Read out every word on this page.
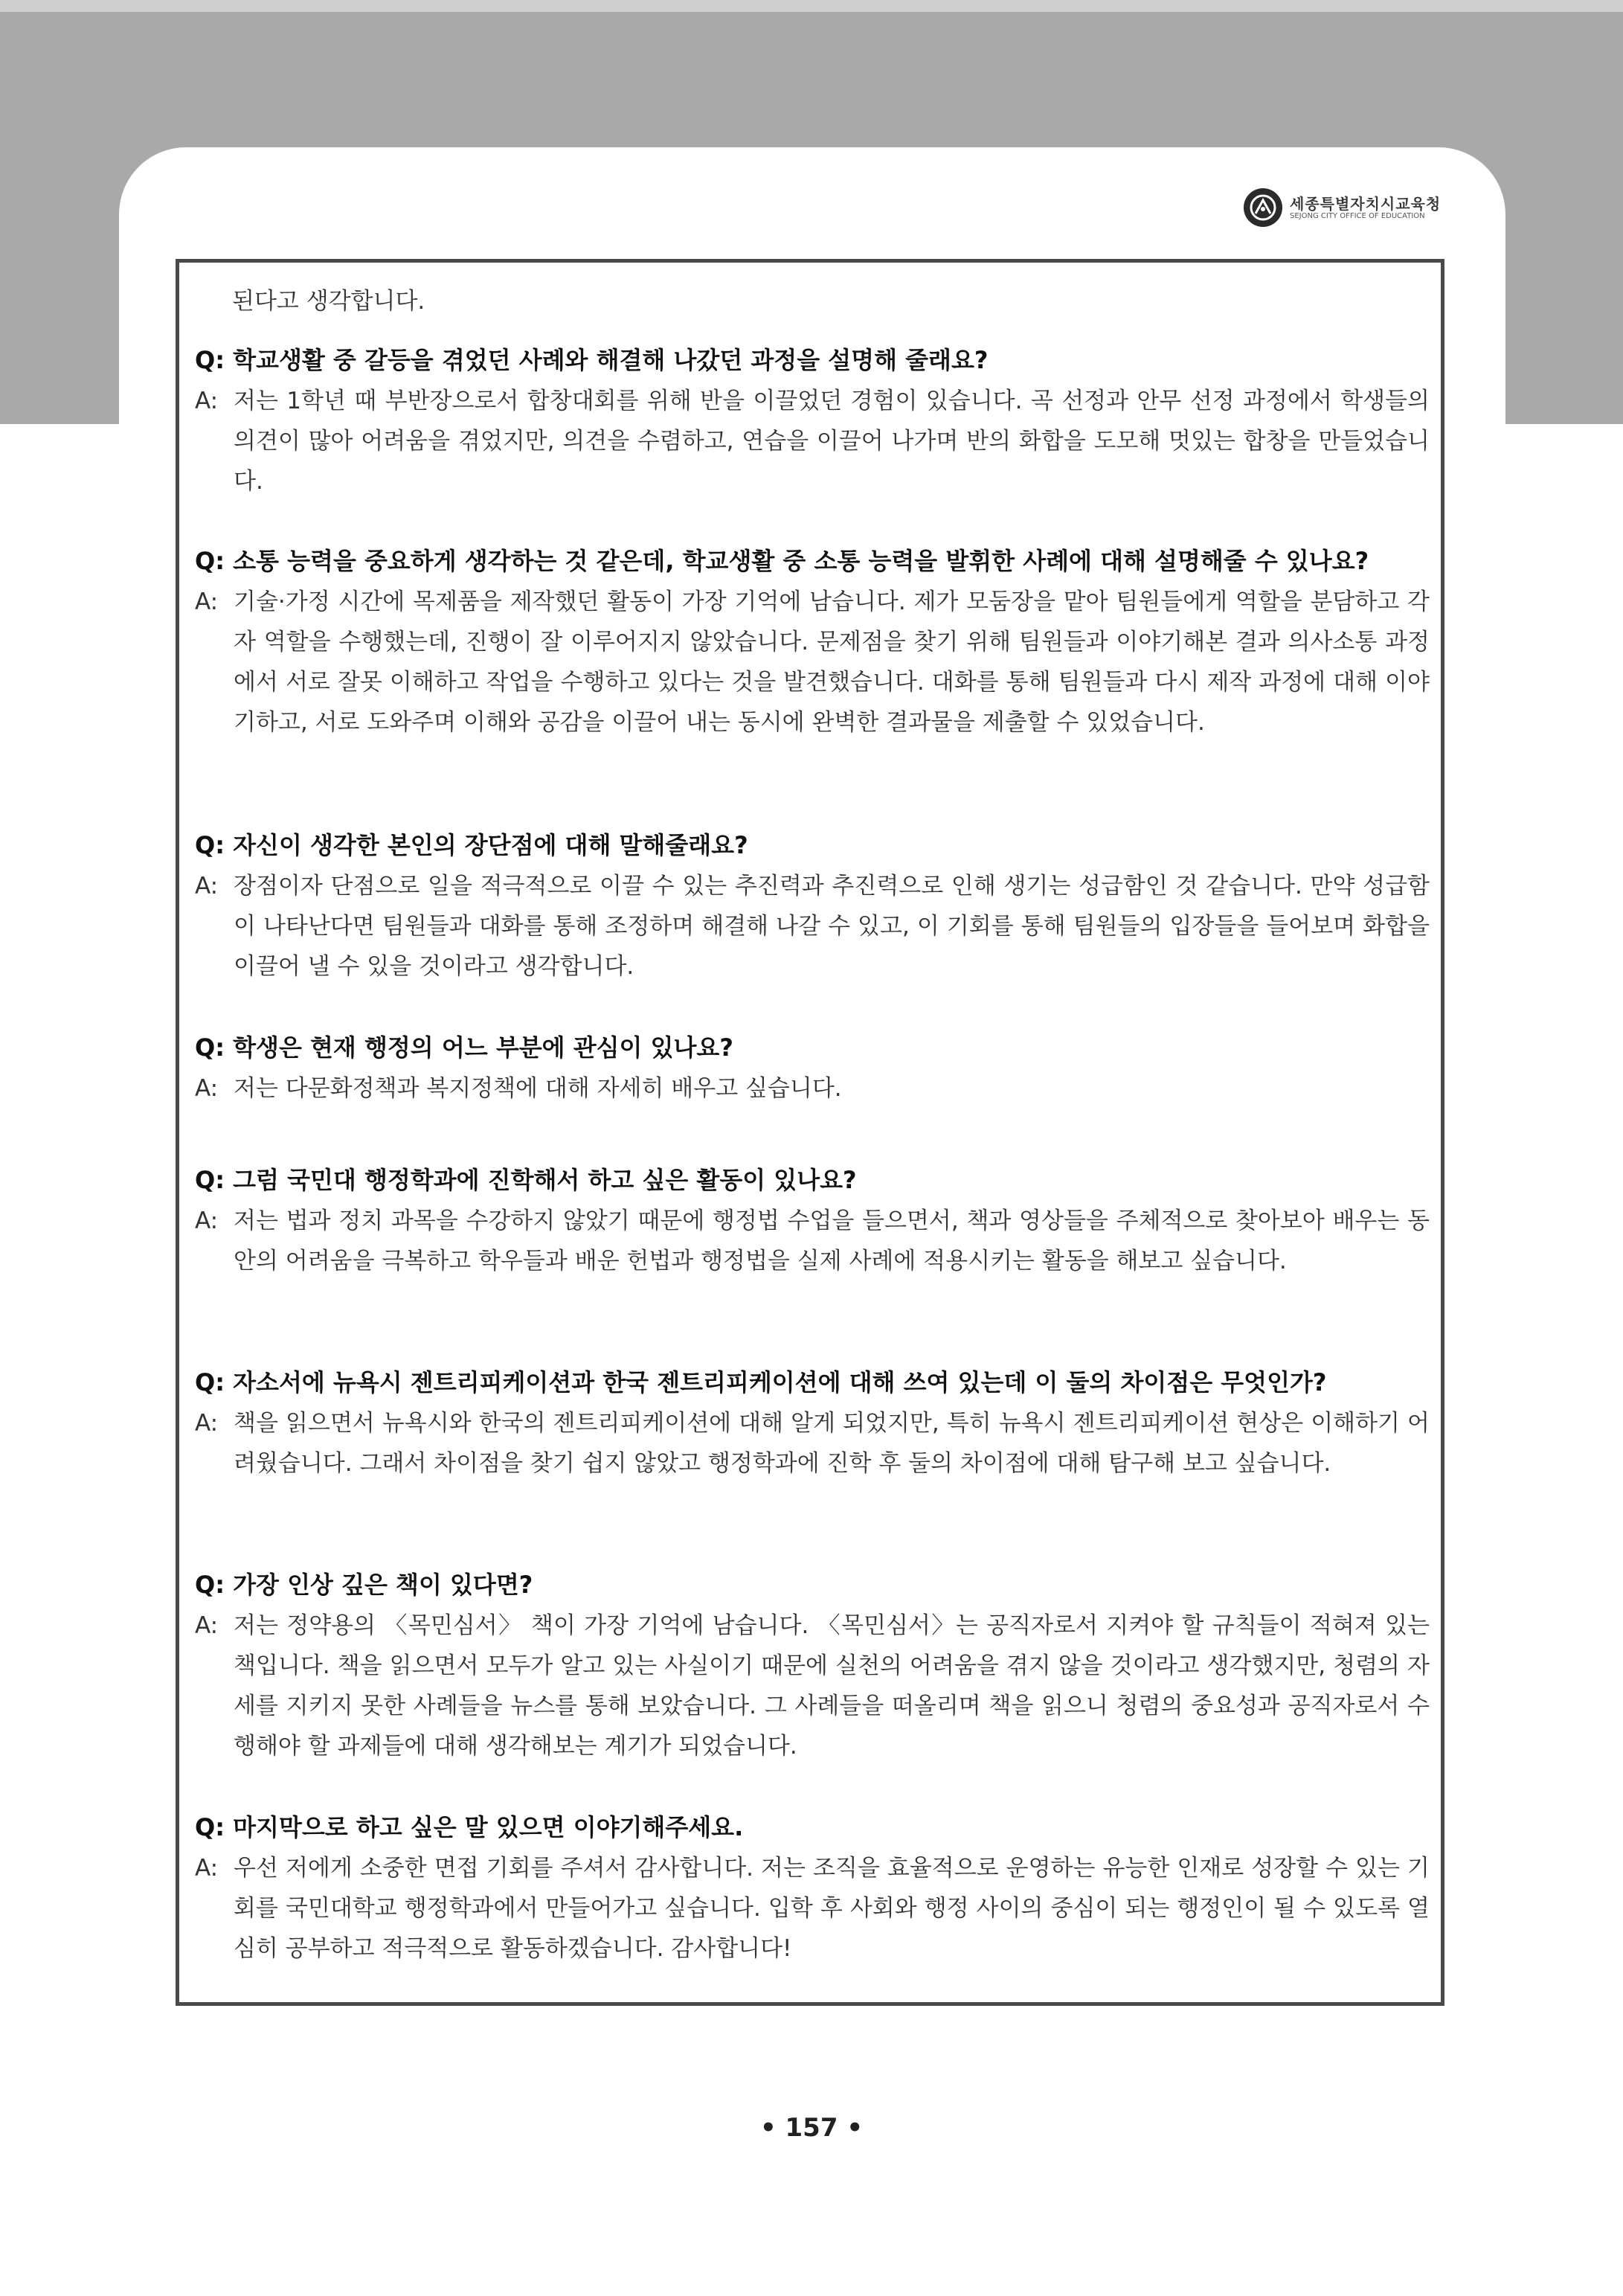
세종특별자치시교육청
SEJONG CITY OFFICE OF EDUCATION
된다고 생각합니다.
Q: 학교생활 중 갈등을 겪었던 사례와 해결해 나갔던 과정을 설명해 줄래요?
A: 저는 1학년 때 부반장으로서 합창대회를 위해 반을 이끌었던 경험이 있습니다. 곡 선정과 안무 선정 과정에서 학생들의 의견이 많아 어려움을 겪었지만, 의견을 수렴하고, 연습을 이끌어 나가며 반의 화합을 도모해 멋있는 합창을 만들었습니다.
Q: 소통 능력을 중요하게 생각하는 것 같은데, 학교생활 중 소통 능력을 발휘한 사례에 대해 설명해줄 수 있나요?
A: 기술·가정 시간에 목제품을 제작했던 활동이 가장 기억에 남습니다. 제가 모둠장을 맡아 팀원들에게 역할을 분담하고 각자 역할을 수행했는데, 진행이 잘 이루어지지 않았습니다. 문제점을 찾기 위해 팀원들과 이야기해본 결과 의사소통 과정에서 서로 잘못 이해하고 작업을 수행하고 있다는 것을 발견했습니다. 대화를 통해 팀원들과 다시 제작 과정에 대해 이야기하고, 서로 도와주며 이해와 공감을 이끌어 내는 동시에 완벽한 결과물을 제출할 수 있었습니다.
Q: 자신이 생각한 본인의 장단점에 대해 말해줄래요?
A: 장점이자 단점으로 일을 적극적으로 이끌 수 있는 추진력과 추진력으로 인해 생기는 성급함인 것 같습니다. 만약 성급함이 나타난다면 팀원들과 대화를 통해 조정하며 해결해 나갈 수 있고, 이 기회를 통해 팀원들의 입장들을 들어보며 화합을 이끌어 낼 수 있을 것이라고 생각합니다.
Q: 학생은 현재 행정의 어느 부분에 관심이 있나요?
A: 저는 다문화정책과 복지정책에 대해 자세히 배우고 싶습니다.
Q: 그럼 국민대 행정학과에 진학해서 하고 싶은 활동이 있나요?
A: 저는 법과 정치 과목을 수강하지 않았기 때문에 행정법 수업을 들으면서, 책과 영상들을 주체적으로 찾아보아 배우는 동안의 어려움을 극복하고 학우들과 배운 헌법과 행정법을 실제 사례에 적용시키는 활동을 해보고 싶습니다.
Q: 자소서에 뉴욕시 젠트리피케이션과 한국 젠트리피케이션에 대해 쓰여 있는데 이 둘의 차이점은 무엇인가?
A: 책을 읽으면서 뉴욕시와 한국의 젠트리피케이션에 대해 알게 되었지만, 특히 뉴욕시 젠트리피케이션 현상은 이해하기 어려웠습니다. 그래서 차이점을 찾기 쉽지 않았고 행정학과에 진학 후 둘의 차이점에 대해 탐구해 보고 싶습니다.
Q: 가장 인상 깊은 책이 있다면?
A: 저는 정약용의 〈목민심서〉 책이 가장 기억에 남습니다. 〈목민심서〉는 공직자로서 지켜야 할 규칙들이 적혀져 있는 책입니다. 책을 읽으면서 모두가 알고 있는 사실이기 때문에 실천의 어려움을 겪지 않을 것이라고 생각했지만, 청렴의 자세를 지키지 못한 사례들을 뉴스를 통해 보았습니다. 그 사례들을 떠올리며 책을 읽으니 청렴의 중요성과 공직자로서 수행해야 할 과제들에 대해 생각해보는 계기가 되었습니다.
Q: 마지막으로 하고 싶은 말 있으면 이야기해주세요.
A: 우선 저에게 소중한 면접 기회를 주셔서 감사합니다. 저는 조직을 효율적으로 운영하는 유능한 인재로 성장할 수 있는 기회를 국민대학교 행정학과에서 만들어가고 싶습니다. 입학 후 사회와 행정 사이의 중심이 되는 행정인이 될 수 있도록 열심히 공부하고 적극적으로 활동하겠습니다. 감사합니다!
• 157 •
